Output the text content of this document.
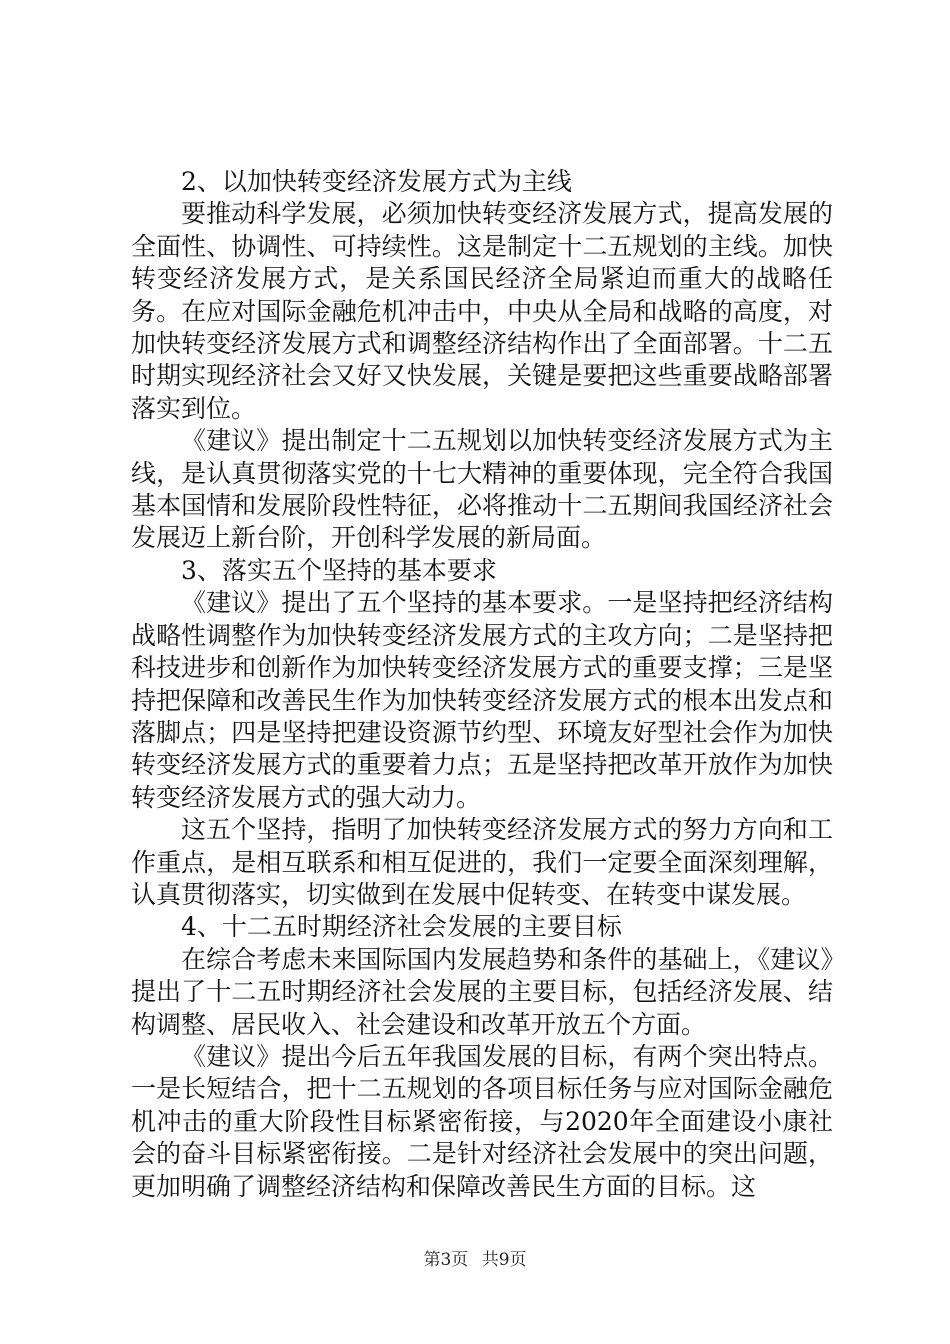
2、以加快转变经济发展方式为主线

要推动科学发展，必须加快转变经济发展方式，提高发展的全面性、协调性、可持续性。这是制定十二五规划的主线。加快转变经济发展方式，是关系国民经济全局紧迫而重大的战略任务。在应对国际金融危机冲击中，中央从全局和战略的高度，对加快转变经济发展方式和调整经济结构作出了全面部署。十二五时期实现经济社会又好又快发展，关键是要把这些重要战略部署落实到位。

《建议》提出制定十二五规划以加快转变经济发展方式为主线，是认真贯彻落实党的十七大精神的重要体现，完全符合我国基本国情和发展阶段性特征，必将推动十二五期间我国经济社会发展迈上新台阶，开创科学发展的新局面。

3、落实五个坚持的基本要求

《建议》提出了五个坚持的基本要求。一是坚持把经济结构战略性调整作为加快转变经济发展方式的主攻方向；二是坚持把科技进步和创新作为加快转变经济发展方式的重要支撑；三是坚持把保障和改善民生作为加快转变经济发展方式的根本出发点和落脚点；四是坚持把建设资源节约型、环境友好型社会作为加快转变经济发展方式的重要着力点；五是坚持把改革开放作为加快转变经济发展方式的强大动力。

这五个坚持，指明了加快转变经济发展方式的努力方向和工作重点，是相互联系和相互促进的，我们一定要全面深刻理解，认真贯彻落实，切实做到在发展中促转变、在转变中谋发展。

4、十二五时期经济社会发展的主要目标

在综合考虑未来国际国内发展趋势和条件的基础上，《建议》提出了十二五时期经济社会发展的主要目标，包括经济发展、结构调整、居民收入、社会建设和改革开放五个方面。

《建议》提出今后五年我国发展的目标，有两个突出特点。一是长短结合，把十二五规划的各项目标任务与应对国际金融危机冲击的重大阶段性目标紧密衔接，与2020年全面建设小康社会的奋斗目标紧密衔接。二是针对经济社会发展中的突出问题，更加明确了调整经济结构和保障改善民生方面的目标。这

第3页 共9页
